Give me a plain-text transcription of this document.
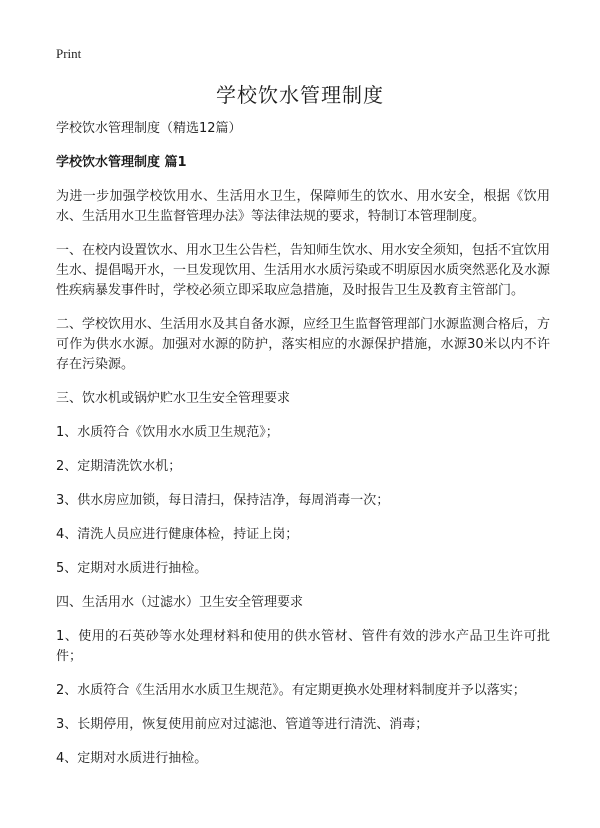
Print
学校饮水管理制度

学校饮水管理制度（精选12篇）

学校饮水管理制度 篇1

为进一步加强学校饮用水、生活用水卫生，保障师生的饮水、用水安全，根据《饮用水、生活用水卫生监督管理办法》等法律法规的要求，特制订本管理制度。

一、在校内设置饮水、用水卫生公告栏，告知师生饮水、用水安全须知，包括不宜饮用生水、提倡喝开水，一旦发现饮用、生活用水水质污染或不明原因水质突然恶化及水源性疾病暴发事件时，学校必须立即采取应急措施，及时报告卫生及教育主管部门。

二、学校饮用水、生活用水及其自备水源，应经卫生监督管理部门水源监测合格后，方可作为供水水源。加强对水源的防护，落实相应的水源保护措施，水源30米以内不许存在污染源。

三、饮水机或锅炉贮水卫生安全管理要求

1、水质符合《饮用水水质卫生规范》；

2、定期清洗饮水机；

3、供水房应加锁，每日清扫，保持洁净，每周消毒一次；

4、清洗人员应进行健康体检，持证上岗；

5、定期对水质进行抽检。

四、生活用水（过滤水）卫生安全管理要求

1、使用的石英砂等水处理材料和使用的供水管材、管件有效的涉水产品卫生许可批件；

2、水质符合《生活用水水质卫生规范》。有定期更换水处理材料制度并予以落实；

3、长期停用，恢复使用前应对过滤池、管道等进行清洗、消毒；

4、定期对水质进行抽检。
